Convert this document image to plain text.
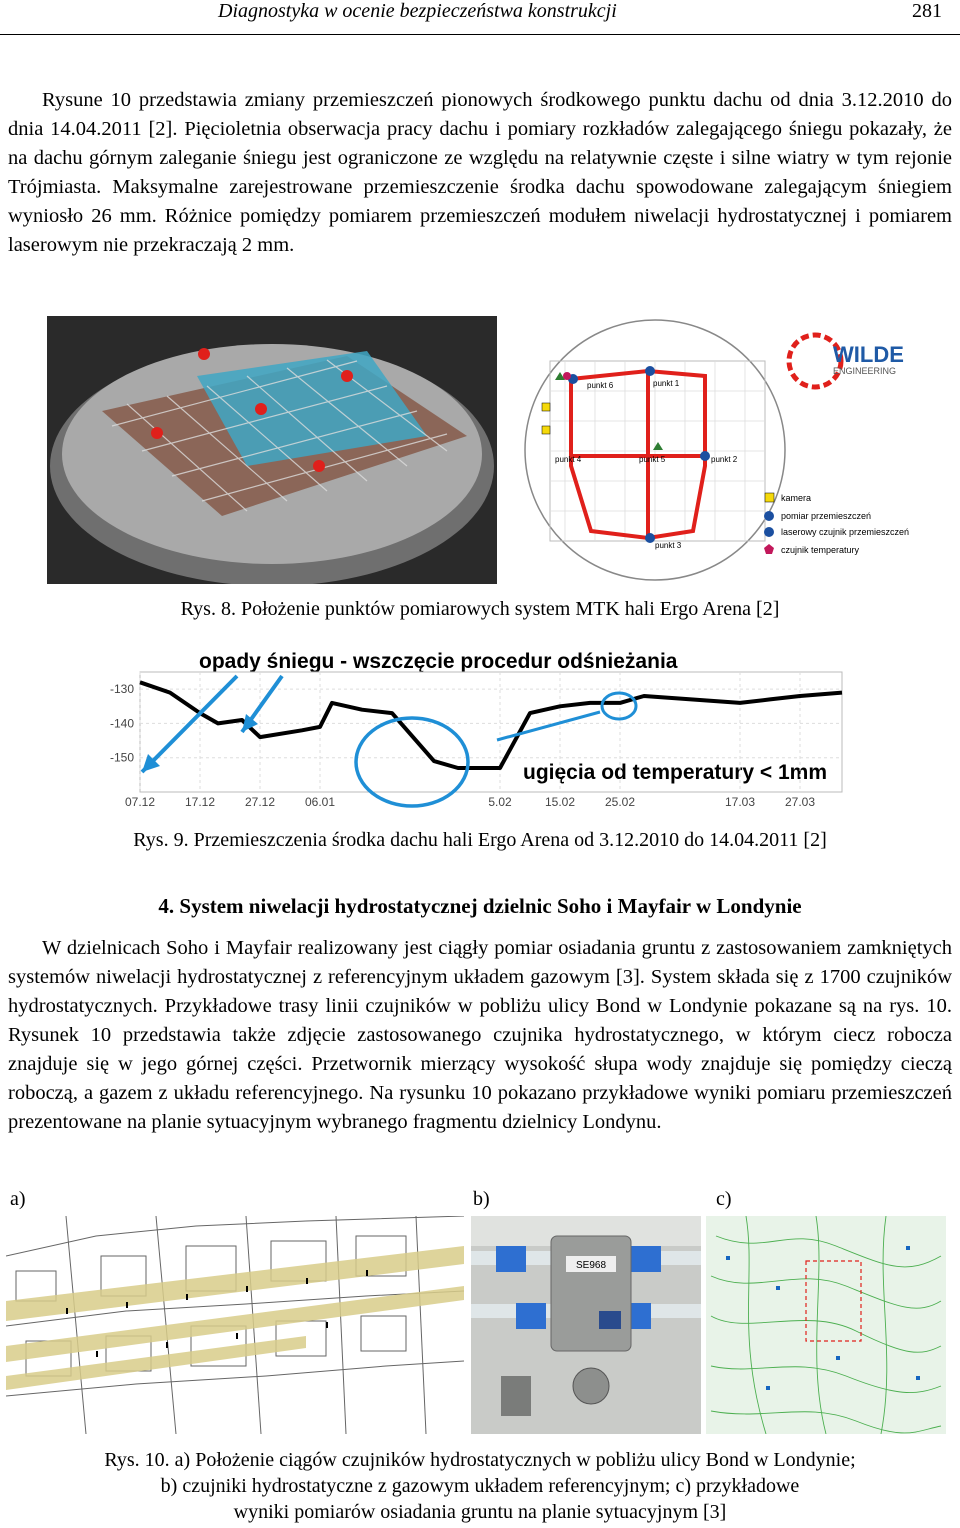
Diagnostyka w ocenie bezpieczeństwa konstrukcji	281

Rysune 10 przedstawia zmiany przemieszczeń pionowych środkowego punktu dachu od dnia 3.12.2010 do dnia 14.04.2011 [2]. Pięcioletnia obserwacja pracy dachu i pomiary rozkładów zalegającego śniegu pokazały, że na dachu górnym zaleganie śniegu jest ograniczone ze względu na relatywnie częste i silne wiatry w tym rejonie Trójmiasta. Maksymalne zarejestrowane przemieszczenie środka dachu spowodowane zalegającym śniegiem wyniosło 26 mm. Różnice pomiędzy pomiarem przemieszczeń modułem niwelacji hydrostatycznej i pomiarem laserowym nie przekraczają 2 mm.

punkt 6	punkt 1
punkt 2
punkt 3
punkt 4	punkt 5
WILDE
ENGINEERING
kamera
pomiar przemieszczeń
laserowy czujnik przemieszczeń
czujnik temperatury
Rys. 8. Położenie punktów pomiarowych system MTK hali Ergo Arena [2]
opady śniegu - wszczęcie procedur odśnieżania
ugięcia od temperatury < 1mm
-130
-140
-150
07.12 17.12 27.12 06.01	5.02	15.02 25.02	17.03 27.03
Rys. 9. Przemieszczenia środka dachu hali Ergo Arena od 3.12.2010 do 14.04.2011 [2]
4. System niwelacji hydrostatycznej dzielnic Soho i Mayfair w Londynie

W dzielnicach Soho i Mayfair realizowany jest ciągły pomiar osiadania gruntu z zastosowaniem zamkniętych systemów niwelacji hydrostatycznej z referencyjnym układem gazowym [3]. System składa się z 1700 czujników hydrostatycznych. Przykładowe trasy linii czujników w pobliżu ulicy Bond w Londynie pokazane są na rys. 10. Rysunek 10 przedstawia także zdjęcie zastosowanego czujnika hydrostatycznego, w którym ciecz robocza znajduje się w jego górnej części. Przetwornik mierzący wysokość słupa wody znajduje się pomiędzy cieczą roboczą, a gazem z układu referencyjnego. Na rysunku 10 pokazano przykładowe wyniki pomiaru przemieszczeń prezentowane na planie sytuacyjnym wybranego fragmentu dzielnicy Londynu.

a)	b)	c)
SE968
Rys. 10. a) Położenie ciągów czujników hydrostatycznych w pobliżu ulicy Bond w Londynie;
b) czujniki hydrostatyczne z gazowym układem referencyjnym; c) przykładowe
wyniki pomiarów osiadania gruntu na planie sytuacyjnym [3]
